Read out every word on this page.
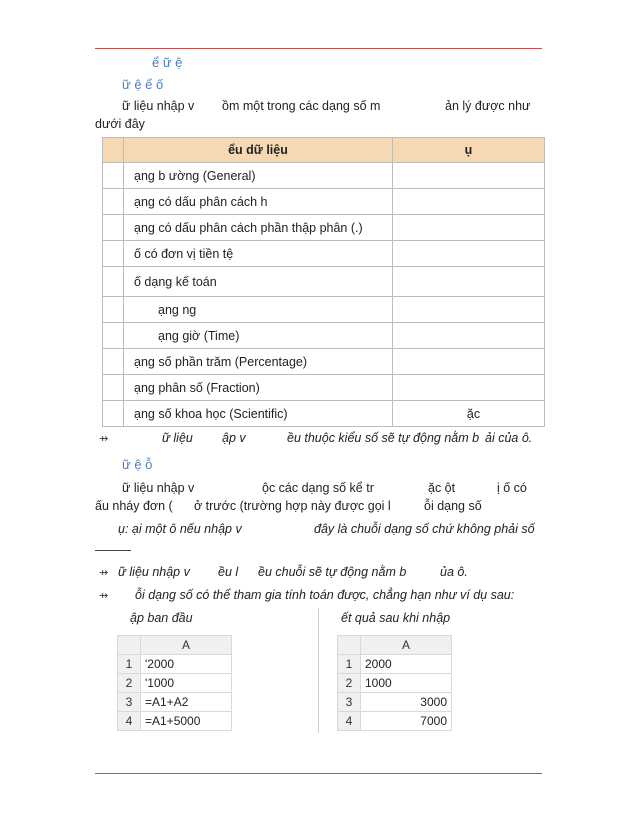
ể ữ ệ
ữ ệ ể ố
ữ liệu nhập v ồm một trong các dạng số m	ản lý được như
dưới đây
	ểu dữ liệu	ụ
	ạng b ường (General)	
	ạng có dấu phân cách h	
	ạng có dấu phân cách phần thập phân (.)	
	ố có đơn vị tiền tệ	
	ố dạng kế toán	
	ạng ng	
	ạng giờ (Time)	
	ạng số phần trăm (Percentage)	
	ạng phân số (Fraction)	
	ạng số khoa học (Scientific)	ặc
⇸	ữ liệu ập v	ều thuộc kiểu số sẽ tự động nằm b ải của ô.
ữ ệ ỗ
ữ liệu nhập v	ộc các dạng số kể tr	ặc ột	ị ố có
ấu nháy đơn ( ở trước (trường hợp này được gọi l	ỗi dạng số
ụ: ại một ô nếu nhập v	đây là chuỗi dạng số chứ không phải số
⇸ ữ liệu nhập v ều l ều chuỗi sẽ tự động nằm b	ủa ô.
⇸ ỗi dạng số có thể tham gia tính toán được, chẳng hạn như ví dụ sau:
ập ban đầu	ết quả sau khi nhập
	A
1	'2000
2	'1000
3	=A1+A2
4	=A1+5000
	A
1	2000
2	1000
3	3000
4	7000
